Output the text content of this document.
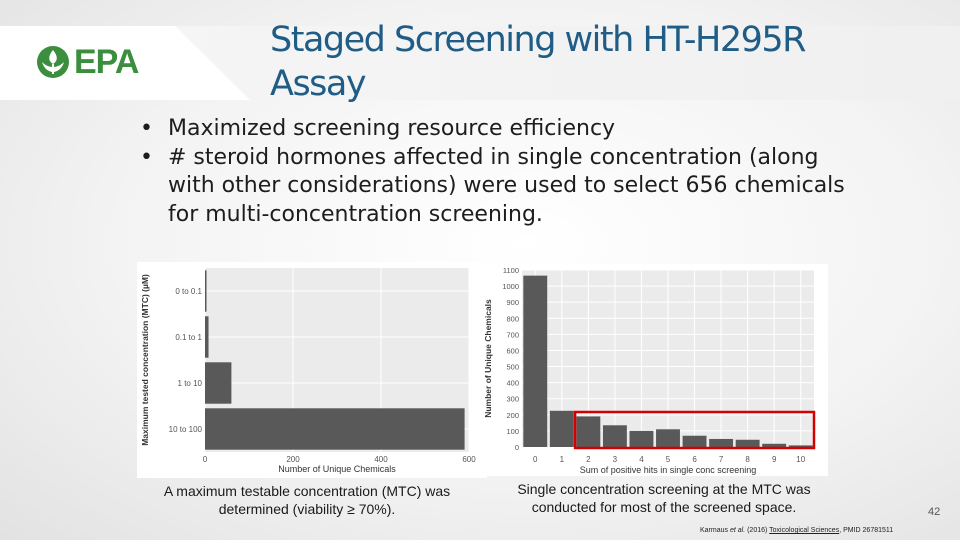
EPA
Staged Screening with HT-H295R
Assay
• Maximized screening resource efficiency
• # steroid hormones affected in single concentration (along with other considerations) were used to select 656 chemicals for multi-concentration screening.
0 to 0.1
0.1 to 1
1 to 10
10 to 100
0	200	400	600
Number of Unique Chemicals
Maximum tested concentration (MTC) (µM)
0
100
200
300
400
500
600
700
800
900
1000
1100
0	1	2	3	4	5	6	7	8	9 10
Sum of positive hits in single conc screening
Number of Unique Chemicals
A maximum testable concentration (MTC) was determined (viability ≥ 70%).
Single concentration screening at the MTC was conducted for most of the screened space.	42
Karmaus et al. (2016) Toxicological Sciences, PMID 26781511
